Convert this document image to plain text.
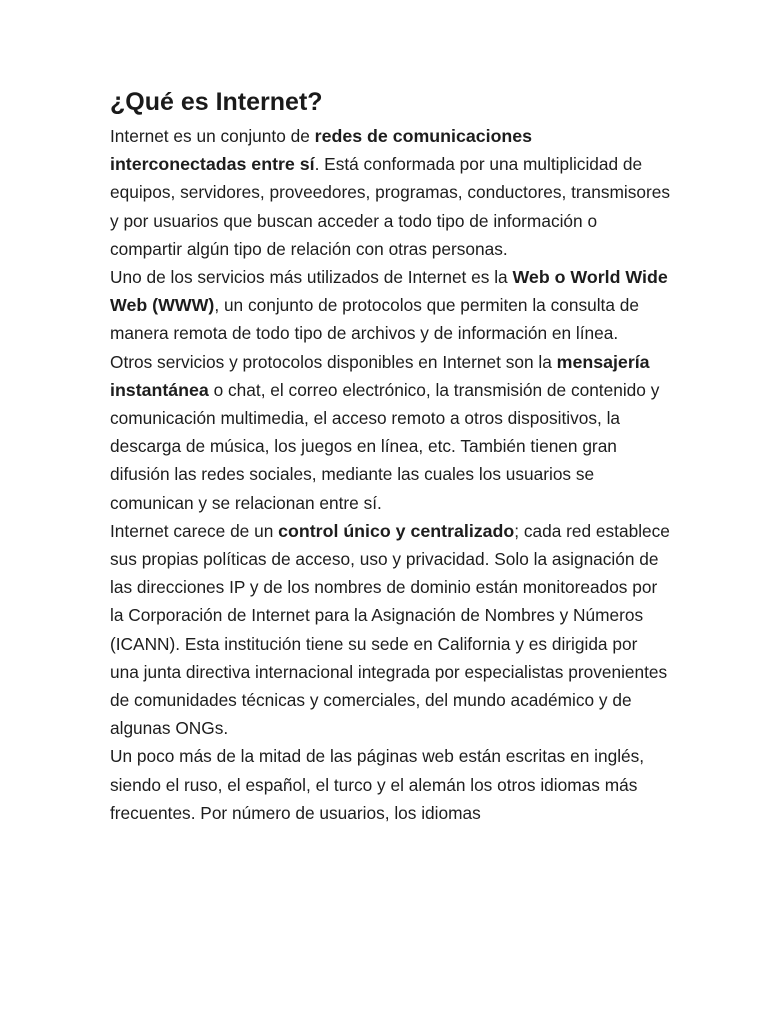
¿Qué es Internet?

Internet es un conjunto de redes de comunicaciones interconectadas entre sí. Está conformada por una multiplicidad de equipos, servidores, proveedores, programas, conductores, transmisores y por usuarios que buscan acceder a todo tipo de información o compartir algún tipo de relación con otras personas.

Uno de los servicios más utilizados de Internet es la Web o World Wide Web (WWW), un conjunto de protocolos que permiten la consulta de manera remota de todo tipo de archivos y de información en línea.

Otros servicios y protocolos disponibles en Internet son la mensajería instantánea o chat, el correo electrónico, la transmisión de contenido y comunicación multimedia, el acceso remoto a otros dispositivos, la descarga de música, los juegos en línea, etc. También tienen gran difusión las redes sociales, mediante las cuales los usuarios se comunican y se relacionan entre sí.

Internet carece de un control único y centralizado; cada red establece sus propias políticas de acceso, uso y privacidad. Solo la asignación de las direcciones IP y de los nombres de dominio están monitoreados por la Corporación de Internet para la Asignación de Nombres y Números (ICANN). Esta institución tiene su sede en California y es dirigida por una junta directiva internacional integrada por especialistas provenientes de comunidades técnicas y comerciales, del mundo académico y de algunas ONGs.

Un poco más de la mitad de las páginas web están escritas en inglés, siendo el ruso, el español, el turco y el alemán los otros idiomas más frecuentes. Por número de usuarios, los idiomas
